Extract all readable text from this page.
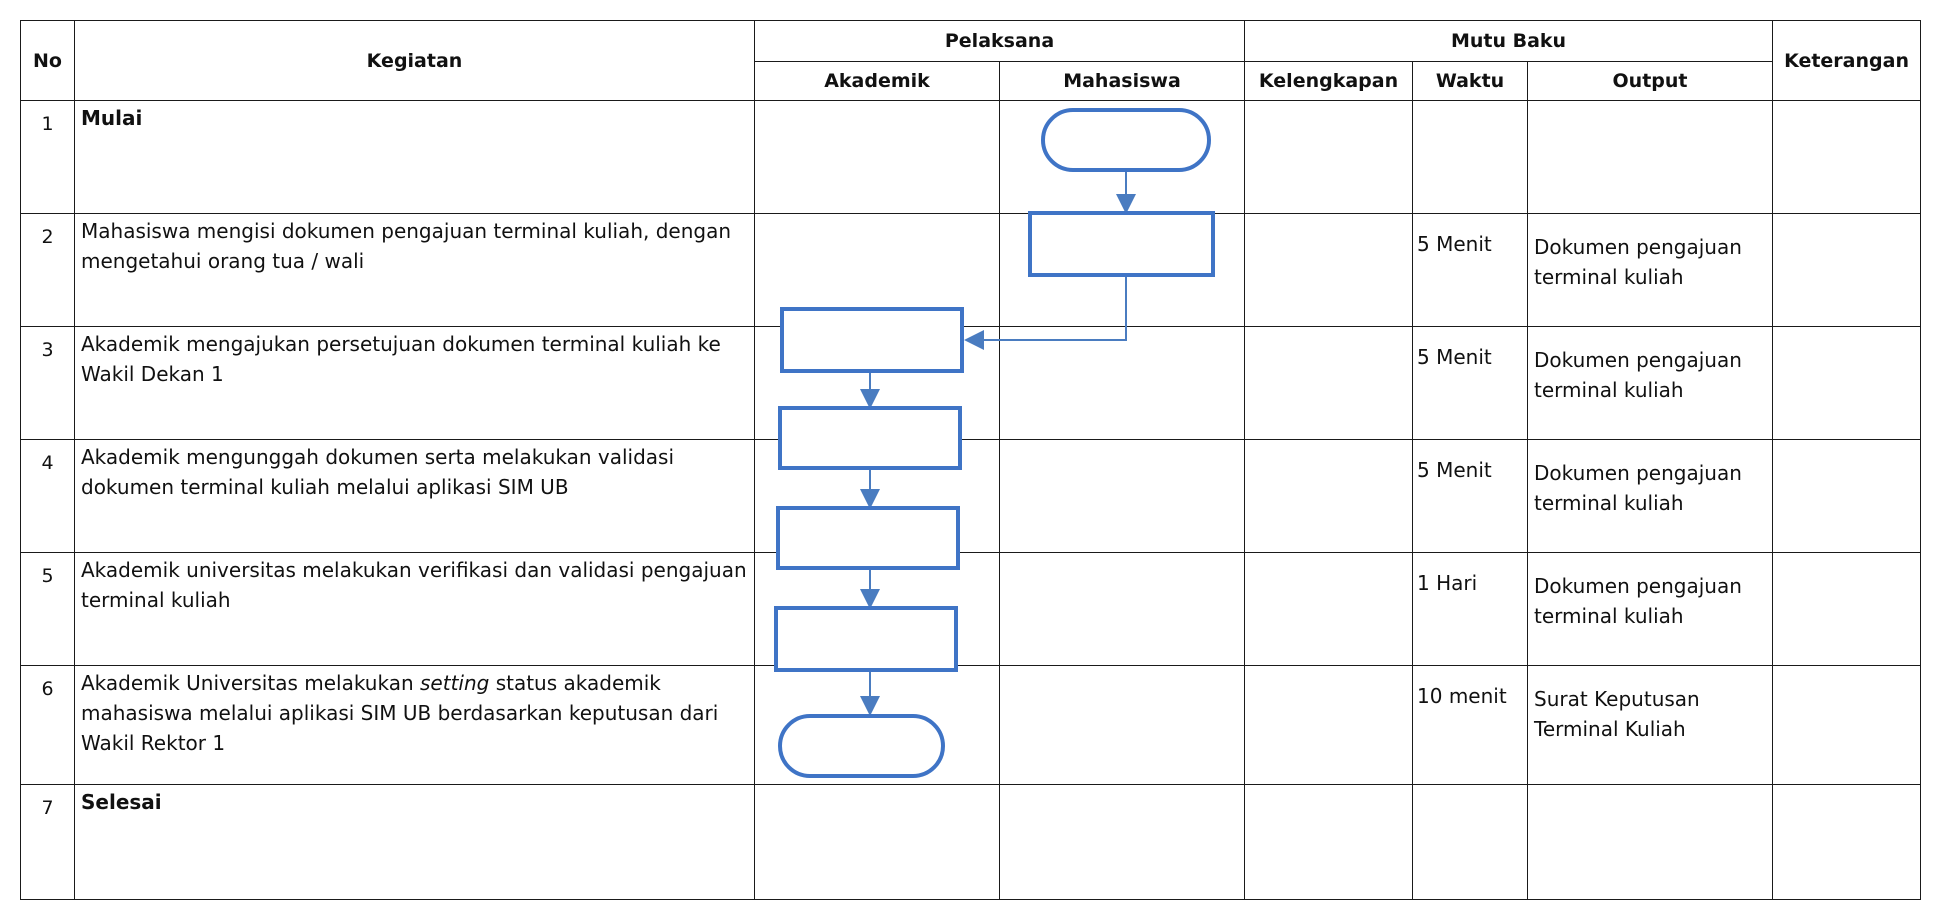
No	Kegiatan	Pelaksana		Mutu Baku			Keterangan
		Akademik	Mahasiswa	Kelengkapan	Waktu	Output	
1	Mulai						
2	Mahasiswa mengisi dokumen pengajuan terminal kuliah, dengan mengetahui orang tua / wali				5 Menit	Dokumen pengajuan terminal kuliah	
3	Akademik mengajukan persetujuan dokumen terminal kuliah ke Wakil Dekan 1				5 Menit	Dokumen pengajuan terminal kuliah	
4	Akademik mengunggah dokumen serta melakukan validasi dokumen terminal kuliah melalui aplikasi SIM UB				5 Menit	Dokumen pengajuan terminal kuliah	
5	Akademik universitas melakukan verifikasi dan validasi pengajuan terminal kuliah				1 Hari	Dokumen pengajuan terminal kuliah	
6	Akademik Universitas melakukan setting status akademik mahasiswa melalui aplikasi SIM UB berdasarkan keputusan dari Wakil Rektor 1				10 menit	Surat Keputusan Terminal Kuliah	
7	Selesai						
